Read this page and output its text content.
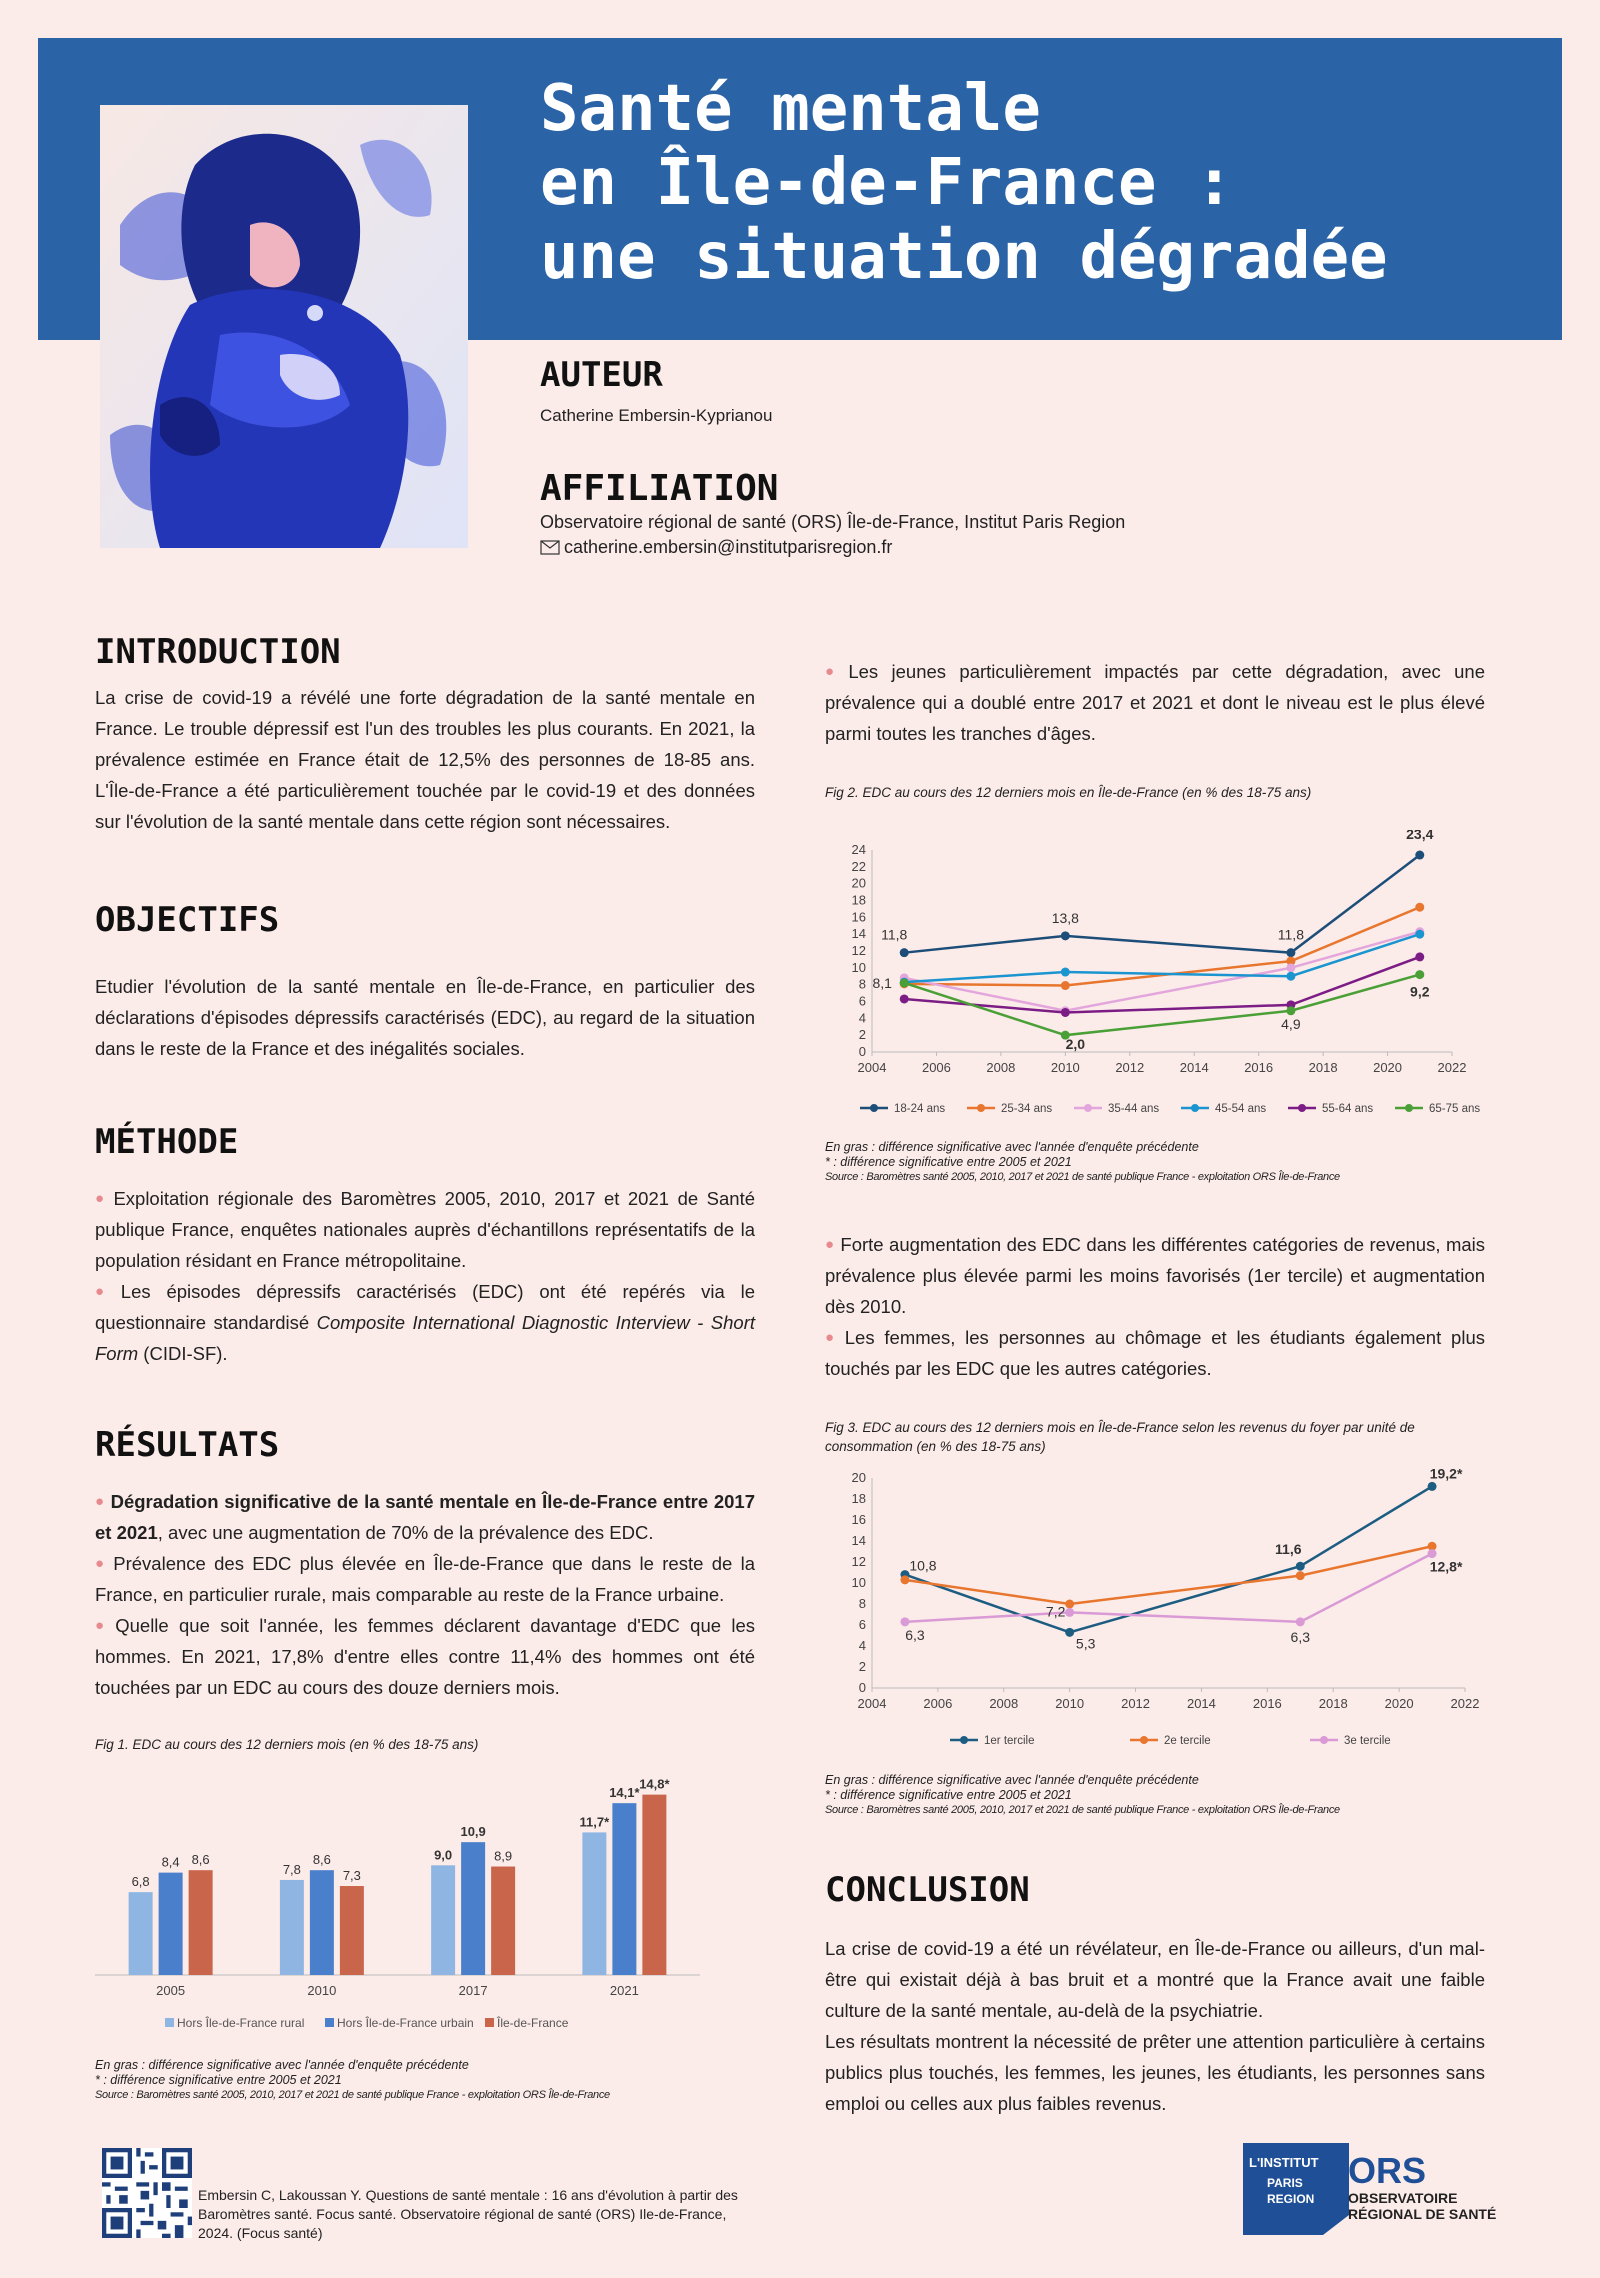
Santé mentale
en Île-de-France :
une situation dégradée
AUTEUR
Catherine Embersin-Kyprianou
AFFILIATION
Observatoire régional de santé (ORS) Île-de-France, Institut Paris Region
catherine.embersin@institutparisregion.fr
INTRODUCTION
La crise de covid-19 a révélé une forte dégradation de la santé mentale en France. Le trouble dépressif est l'un des troubles les plus courants. En 2021, la prévalence estimée en France était de 12,5% des personnes de 18-85 ans. L'Île-de-France a été particulièrement touchée par le covid-19 et des données sur l'évolution de la santé mentale dans cette région sont nécessaires.
OBJECTIFS
Etudier l'évolution de la santé mentale en Île-de-France, en particulier des déclarations d'épisodes dépressifs caractérisés (EDC), au regard de la situation dans le reste de la France et des inégalités sociales.
MÉTHODE

● Exploitation régionale des Baromètres 2005, 2010, 2017 et 2021 de Santé publique France, enquêtes nationales auprès d'échantillons représentatifs de la population résidant en France métropolitaine.

● Les épisodes dépressifs caractérisés (EDC) ont été repérés via le questionnaire standardisé Composite International Diagnostic Interview - Short Form (CIDI-SF).

RÉSULTATS

● Dégradation significative de la santé mentale en Île-de-France entre 2017 et 2021, avec une augmentation de 70% de la prévalence des EDC.

● Prévalence des EDC plus élevée en Île-de-France que dans le reste de la France, en particulier rurale, mais comparable au reste de la France urbaine.

● Quelle que soit l'année, les femmes déclarent davantage d'EDC que les hommes. En 2021, 17,8% d'entre elles contre 11,4% des hommes ont été touchées par un EDC au cours des douze derniers mois.

Fig 1. EDC au cours des 12 derniers mois (en % des 18-75 ans)
6,8
8,4 8,6
2005
7,8
8,6
7,3
2010
9,0
10,9
8,9
2017
11,7*
14,1*
14,8*
2021
Hors Île-de-France rural	Hors Île-de-France urbain Île-de-France
En gras : différence significative avec l'année d'enquête précédente
* : différence significative entre 2005 et 2021
Source : Baromètres santé 2005, 2010, 2017 et 2021 de santé publique France - exploitation ORS Île-de-France
Embersin C, Lakoussan Y. Questions de santé mentale : 16 ans d'évolution à partir des Baromètres santé. Focus santé. Observatoire régional de santé (ORS) Ile-de-France, 2024. (Focus santé)

● Les jeunes particulièrement impactés par cette dégradation, avec une prévalence qui a doublé entre 2017 et 2021 et dont le niveau est le plus élevé parmi toutes les tranches d'âges.

Fig 2. EDC au cours des 12 derniers mois en Île-de-France (en % des 18-75 ans)
0
2
4
6
8
10
12
14
16
18
20
22
24
2004	2006	2008	2010	2012	2014	2016	2018	2020	2022
11,8
13,8
11,8
23,4
8,1
2,0
4,9
9,2
18-24 ans	25-34 ans	35-44 ans	45-54 ans	55-64 ans	65-75 ans
En gras : différence significative avec l'année d'enquête précédente
* : différence significative entre 2005 et 2021
Source : Baromètres santé 2005, 2010, 2017 et 2021 de santé publique France - exploitation ORS Île-de-France

● Forte augmentation des EDC dans les différentes catégories de revenus, mais prévalence plus élevée parmi les moins favorisés (1er tercile) et augmentation dès 2010.

● Les femmes, les personnes au chômage et les étudiants également plus touchés par les EDC que les autres catégories.

Fig 3. EDC au cours des 12 derniers mois en Île-de-France selon les revenus du foyer par unité de consommation (en % des 18-75 ans)
0
2
4
6
8
10
12
14
16
18
20
2004	2006	2008	2010	2012	2014	2016	2018	2020	2022
10,8
7,2
5,3
6,3
11,6
6,3
19,2*
12,8*
1er tercile	2e tercile	3e tercile
En gras : différence significative avec l'année d'enquête précédente
* : différence significative entre 2005 et 2021
Source : Baromètres santé 2005, 2010, 2017 et 2021 de santé publique France - exploitation ORS Île-de-France
CONCLUSION

La crise de covid-19 a été un révélateur, en Île-de-France ou ailleurs, d'un mal-être qui existait déjà à bas bruit et a montré que la France avait une faible culture de la santé mentale, au-delà de la psychiatrie.

Les résultats montrent la nécessité de prêter une attention particulière à certains publics plus touchés, les femmes, les jeunes, les étudiants, les personnes sans emploi ou celles aux plus faibles revenus.

L'INSTITUT
PARIS
REGION
ORS
OBSERVATOIRE
RÉGIONAL DE SANTÉ
